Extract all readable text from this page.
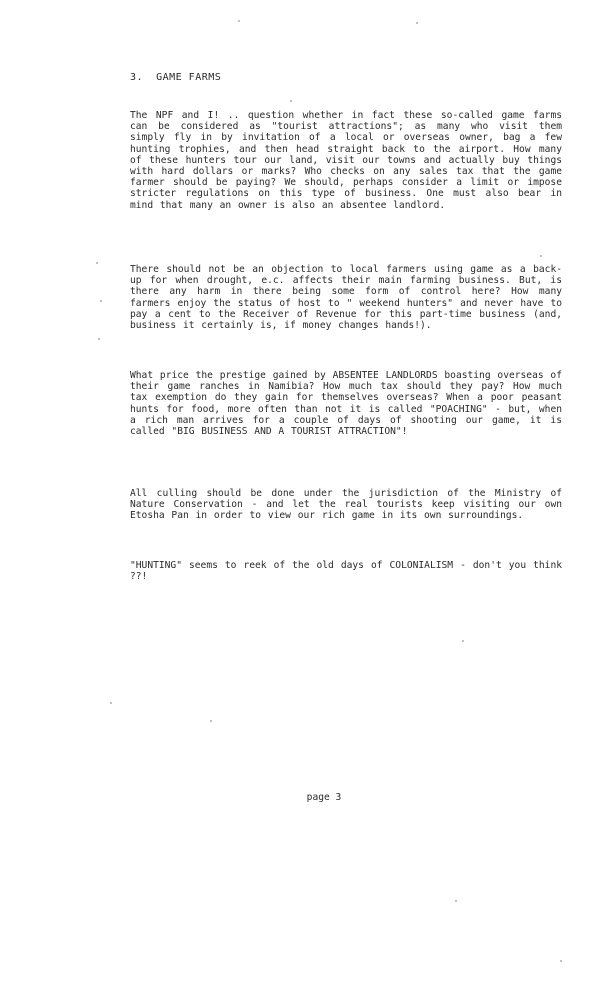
3.  GAME FARMS

The NPF and I! .. question whether in fact these so-called game farms can be considered as "tourist attractions"; as many who visit them simply fly in by invitation of a local or overseas owner, bag a few hunting trophies, and then head straight back to the airport. How many of these hunters tour our land, visit our towns and actually buy things with hard dollars or marks? Who checks on any sales tax that the game farmer should be paying? We should, perhaps consider a limit or impose stricter regulations on this type of business. One must also bear in mind that many an owner is also an absentee landlord.

There should not be an objection to local farmers using game as a back-up for when drought, e.c. affects their main farming business. But, is there any harm in there being some form of control here? How many farmers enjoy the status of host to " weekend hunters" and never have to pay a cent to the Receiver of Revenue for this part-time business (and, business it certainly is, if money changes hands!).

What price the prestige gained by ABSENTEE LANDLORDS boasting overseas of their game ranches in Namibia? How much tax should they pay? How much tax exemption do they gain for themselves overseas? When a poor peasant hunts for food, more often than not it is called "POACHING" - but, when a rich man arrives for a couple of days of shooting our game, it is called "BIG BUSINESS AND A TOURIST ATTRACTION"!

All culling should be done under the jurisdiction of the Ministry of Nature Conservation - and let the real tourists keep visiting our own Etosha Pan in order to view our rich game in its own surroundings.

"HUNTING" seems to reek of the old days of COLONIALISM - don't you think ??!

page 3
